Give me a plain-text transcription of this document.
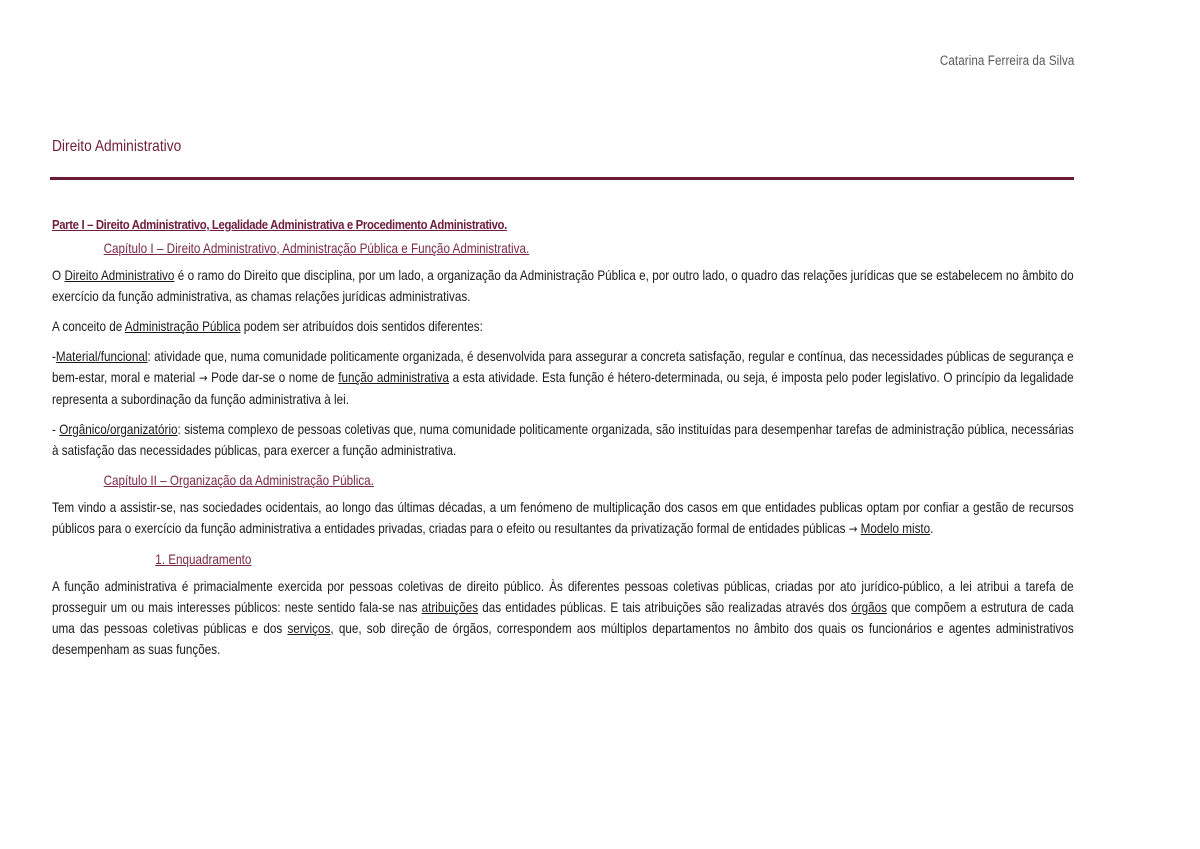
Catarina Ferreira da Silva
Direito Administrativo

Parte I – Direito Administrativo, Legalidade Administrativa e Procedimento Administrativo.

Capítulo I – Direito Administrativo, Administração Pública e Função Administrativa.

O Direito Administrativo é o ramo do Direito que disciplina, por um lado, a organização da Administração Pública e, por outro lado, o quadro das relações jurídicas que se estabelecem no âmbito do exercício da função administrativa, as chamas relações jurídicas administrativas.

A conceito de Administração Pública podem ser atribuídos dois sentidos diferentes:

-Material/funcional: atividade que, numa comunidade politicamente organizada, é desenvolvida para assegurar a concreta satisfação, regular e contínua, das necessidades públicas de segurança e bem-estar, moral e material → Pode dar-se o nome de função administrativa a esta atividade. Esta função é hétero-determinada, ou seja, é imposta pelo poder legislativo. O princípio da legalidade representa a subordinação da função administrativa à lei.

- Orgânico/organizatório: sistema complexo de pessoas coletivas que, numa comunidade politicamente organizada, são instituídas para desempenhar tarefas de administração pública, necessárias à satisfação das necessidades públicas, para exercer a função administrativa.

Capítulo II – Organização da Administração Pública.

Tem vindo a assistir-se, nas sociedades ocidentais, ao longo das últimas décadas, a um fenómeno de multiplicação dos casos em que entidades publicas optam por confiar a gestão de recursos públicos para o exercício da função administrativa a entidades privadas, criadas para o efeito ou resultantes da privatização formal de entidades públicas → Modelo misto.

1. Enquadramento

A função administrativa é primacialmente exercida por pessoas coletivas de direito público. Às diferentes pessoas coletivas públicas, criadas por ato jurídico-público, a lei atribui a tarefa de prosseguir um ou mais interesses públicos: neste sentido fala-se nas atribuições das entidades públicas. E tais atribuições são realizadas através dos órgãos que compõem a estrutura de cada uma das pessoas coletivas públicas e dos serviços, que, sob direção de órgãos, correspondem aos múltiplos departamentos no âmbito dos quais os funcionários e agentes administrativos desempenham as suas funções.
